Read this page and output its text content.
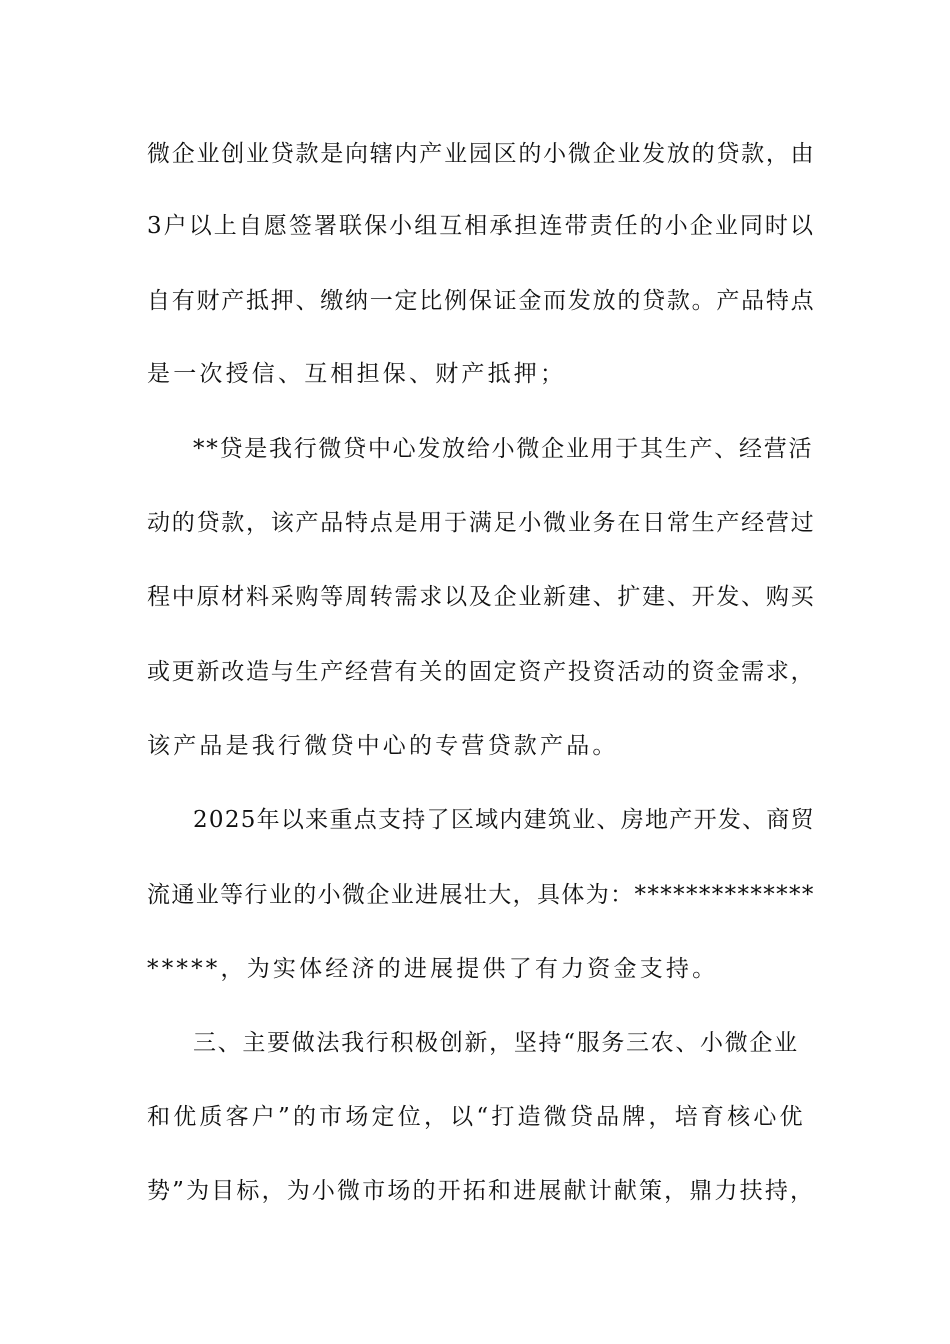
微企业创业贷款是向辖内产业园区的小微企业发放的贷款，由
3户以上自愿签署联保小组互相承担连带责任的小企业同时以
自有财产抵押、缴纳一定比例保证金而发放的贷款。产品特点
是一次授信、互相担保、财产抵押；
**贷是我行微贷中心发放给小微企业用于其生产、经营活
动的贷款，该产品特点是用于满足小微业务在日常生产经营过
程中原材料采购等周转需求以及企业新建、扩建、开发、购买
或更新改造与生产经营有关的固定资产投资活动的资金需求，
该产品是我行微贷中心的专营贷款产品。
2025年以来重点支持了区域内建筑业、房地产开发、商贸
流通业等行业的小微企业进展壮大，具体为：**************
*****，为实体经济的进展提供了有力资金支持。
三、主要做法我行积极创新，坚持“服务三农、小微企业
和优质客户”的市场定位，以“打造微贷品牌，培育核心优
势”为目标，为小微市场的开拓和进展献计献策，鼎力扶持，
